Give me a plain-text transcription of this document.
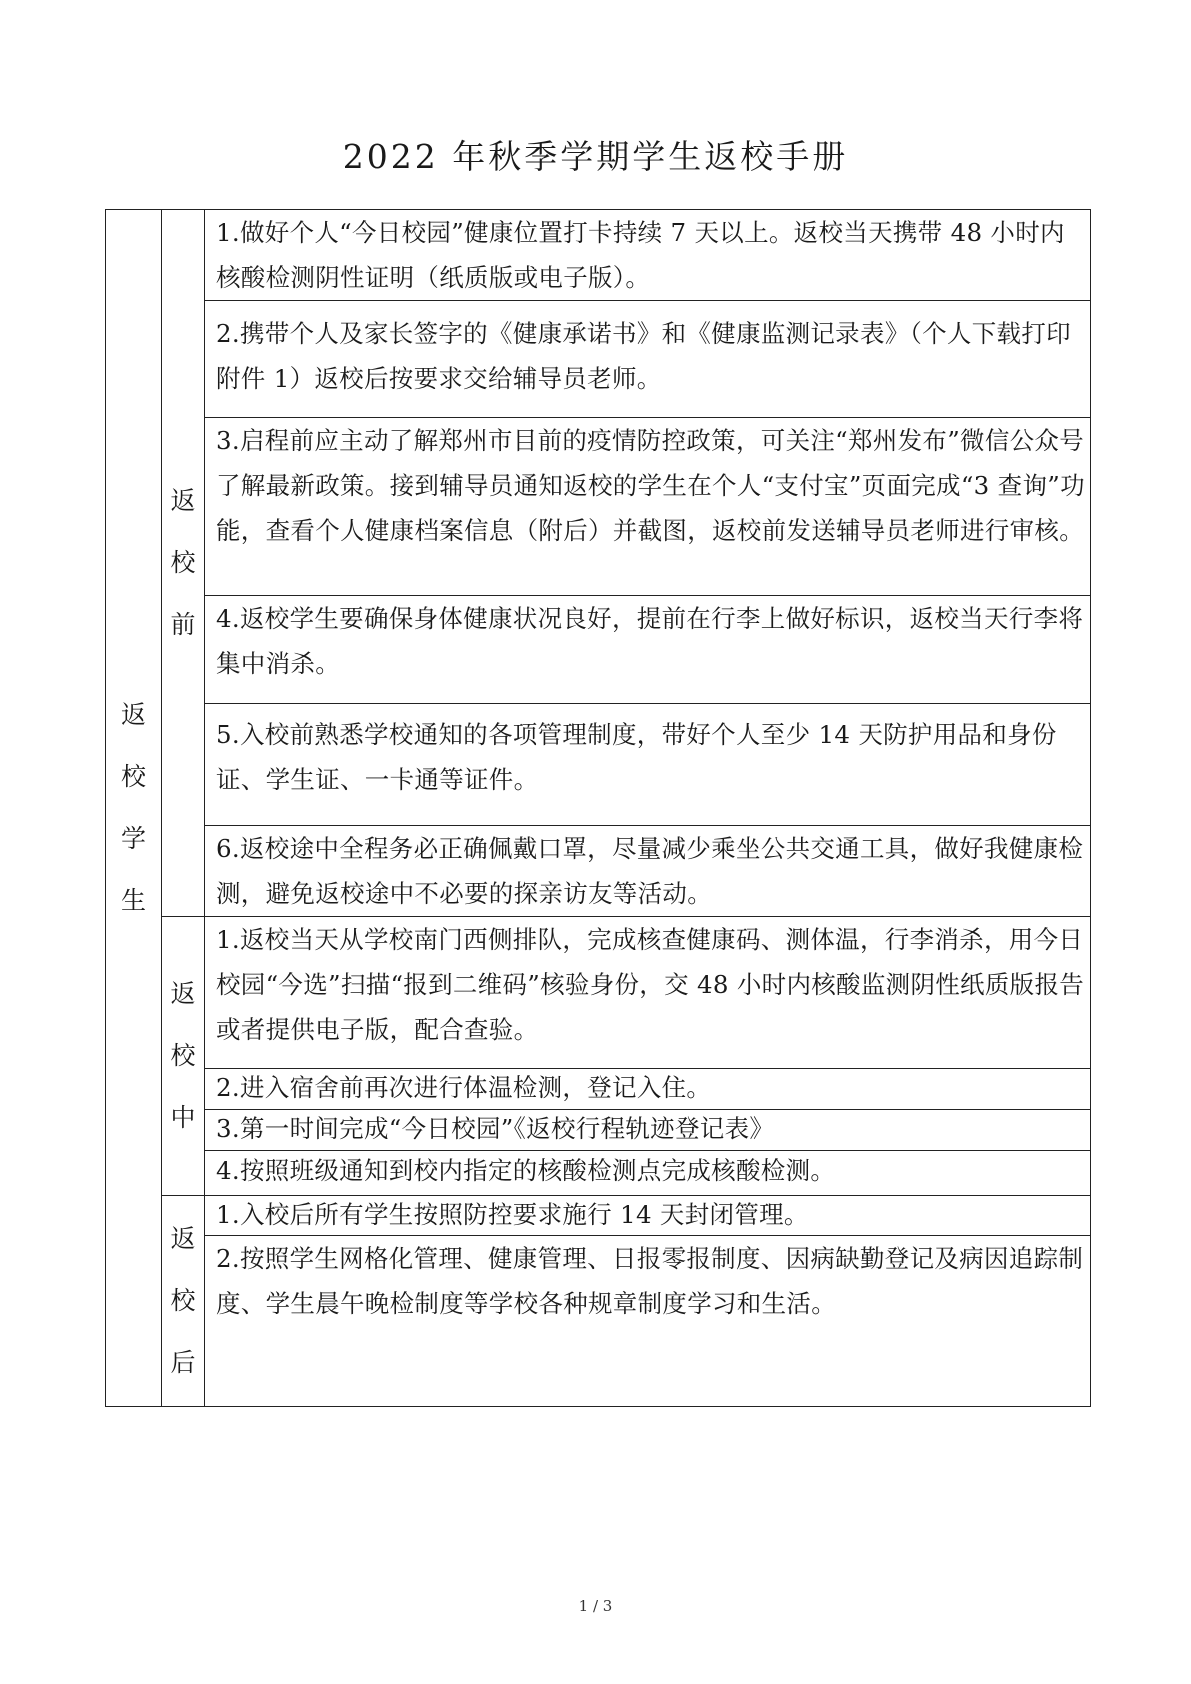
2022 年秋季学期学生返校手册
返
校
学
生	返
校
前	1.做好个人“今日校园”健康位置打卡持续 7 天以上。返校当天携带 48 小时内核酸检测阴性证明（纸质版或电子版）。
		2.携带个人及家长签字的《健康承诺书》和《健康监测记录表》（个人下载打印附件 1）返校后按要求交给辅导员老师。
		3.启程前应主动了解郑州市目前的疫情防控政策，可关注“郑州发布”微信公众号了解最新政策。接到辅导员通知返校的学生在个人“支付宝”页面完成“3 查询”功能，查看个人健康档案信息（附后）并截图，返校前发送辅导员老师进行审核。
		4.返校学生要确保身体健康状况良好，提前在行李上做好标识，返校当天行李将集中消杀。
		5.入校前熟悉学校通知的各项管理制度，带好个人至少 14 天防护用品和身份证、学生证、一卡通等证件。
		6.返校途中全程务必正确佩戴口罩，尽量减少乘坐公共交通工具，做好我健康检测，避免返校途中不必要的探亲访友等活动。

	返
校
中	1.返校当天从学校南门西侧排队，完成核查健康码、测体温，行李消杀，用今日校园“今选”扫描“报到二维码”核验身份，交 48 小时内核酸监测阴性纸质版报告或者提供电子版，配合查验。
		2.进入宿舍前再次进行体温检测，登记入住。
		3.第一时间完成“今日校园”《返校行程轨迹登记表》
		4.按照班级通知到校内指定的核酸检测点完成核酸检测。

	返
校
后	1.入校后所有学生按照防控要求施行 14 天封闭管理。
		2.按照学生网格化管理、健康管理、日报零报制度、因病缺勤登记及病因追踪制度、学生晨午晚检制度等学校各种规章制度学习和生活。

1 / 3
